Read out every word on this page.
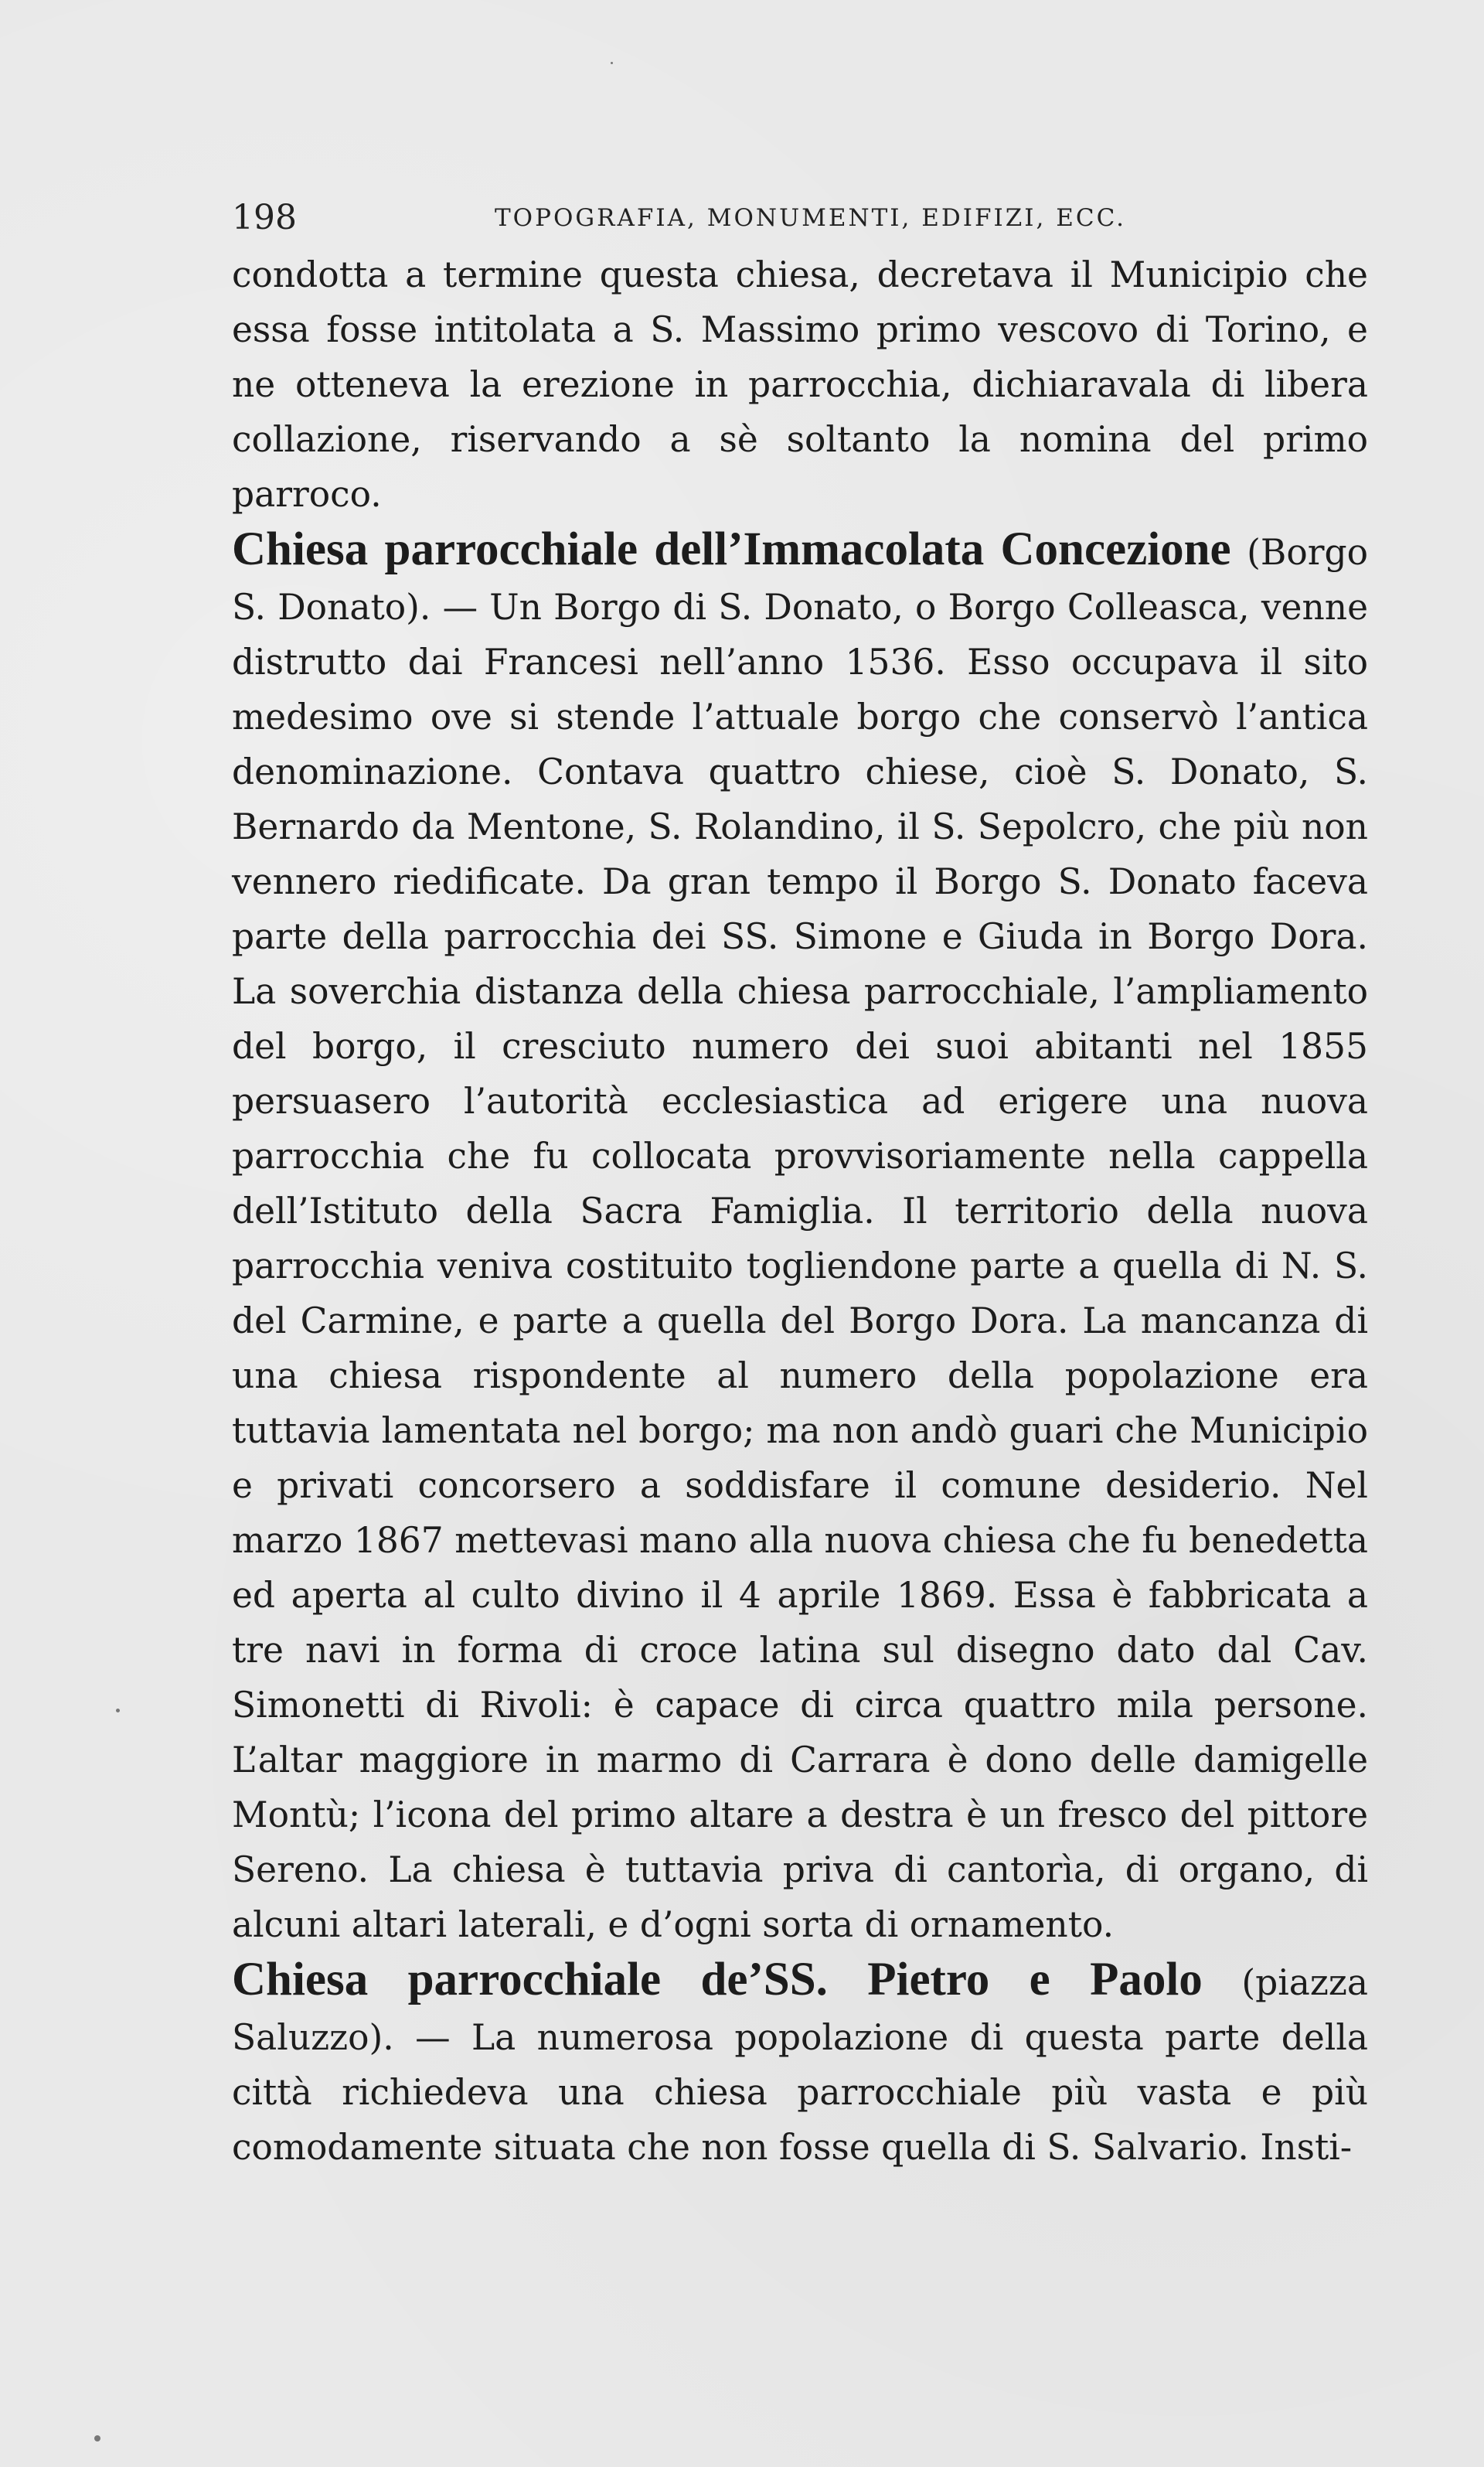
198	TOPOGRAFIA, MONUMENTI, EDIFIZI, ECC.

condotta a termine questa chiesa, decretava il Municipio che essa fosse intitolata a S. Massimo primo vescovo di Torino, e ne otteneva la erezione in parrocchia, dichiaravala di libera collazione, riservando a sè soltanto la nomina del primo parroco.

Chiesa parrocchiale dell’Immacolata Concezione (Borgo S. Donato). — Un Borgo di S. Donato, o Borgo Colleasca, venne distrutto dai Francesi nell’anno 1536. Esso occupava il sito medesimo ove si stende l’attuale borgo che conservò l’antica denominazione. Contava quattro chiese, cioè S. Donato, S. Bernardo da Mentone, S. Rolandino, il S. Sepolcro, che più non vennero riedificate. Da gran tempo il Borgo S. Donato faceva parte della parrocchia dei SS. Simone e Giuda in Borgo Dora. La soverchia distanza della chiesa parrocchiale, l’ampliamento del borgo, il cresciuto numero dei suoi abitanti nel 1855 persuasero l’autorità ecclesiastica ad erigere una nuova parrocchia che fu collocata provvisoriamente nella cappella dell’Istituto della Sacra Famiglia. Il territorio della nuova parrocchia veniva costituito togliendone parte a quella di N. S. del Carmine, e parte a quella del Borgo Dora. La mancanza di una chiesa rispondente al numero della popolazione era tuttavia lamentata nel borgo; ma non andò guari che Municipio e privati concorsero a soddisfare il comune desiderio. Nel marzo 1867 mettevasi mano alla nuova chiesa che fu benedetta ed aperta al culto divino il 4 aprile 1869. Essa è fabbricata a tre navi in forma di croce latina sul disegno dato dal Cav. Simonetti di Rivoli: è capace di circa quattro mila persone. L’altar maggiore in marmo di Carrara è dono delle damigelle Montù; l’icona del primo altare a destra è un fresco del pittore Sereno. La chiesa è tuttavia priva di cantorìa, di organo, di alcuni altari laterali, e d’ogni sorta di ornamento.

Chiesa parrocchiale de’SS. Pietro e Paolo (piazza Saluzzo). — La numerosa popolazione di questa parte della città richiedeva una chiesa parrocchiale più vasta e più comodamente situata che non fosse quella di S. Salvario. Insti-
